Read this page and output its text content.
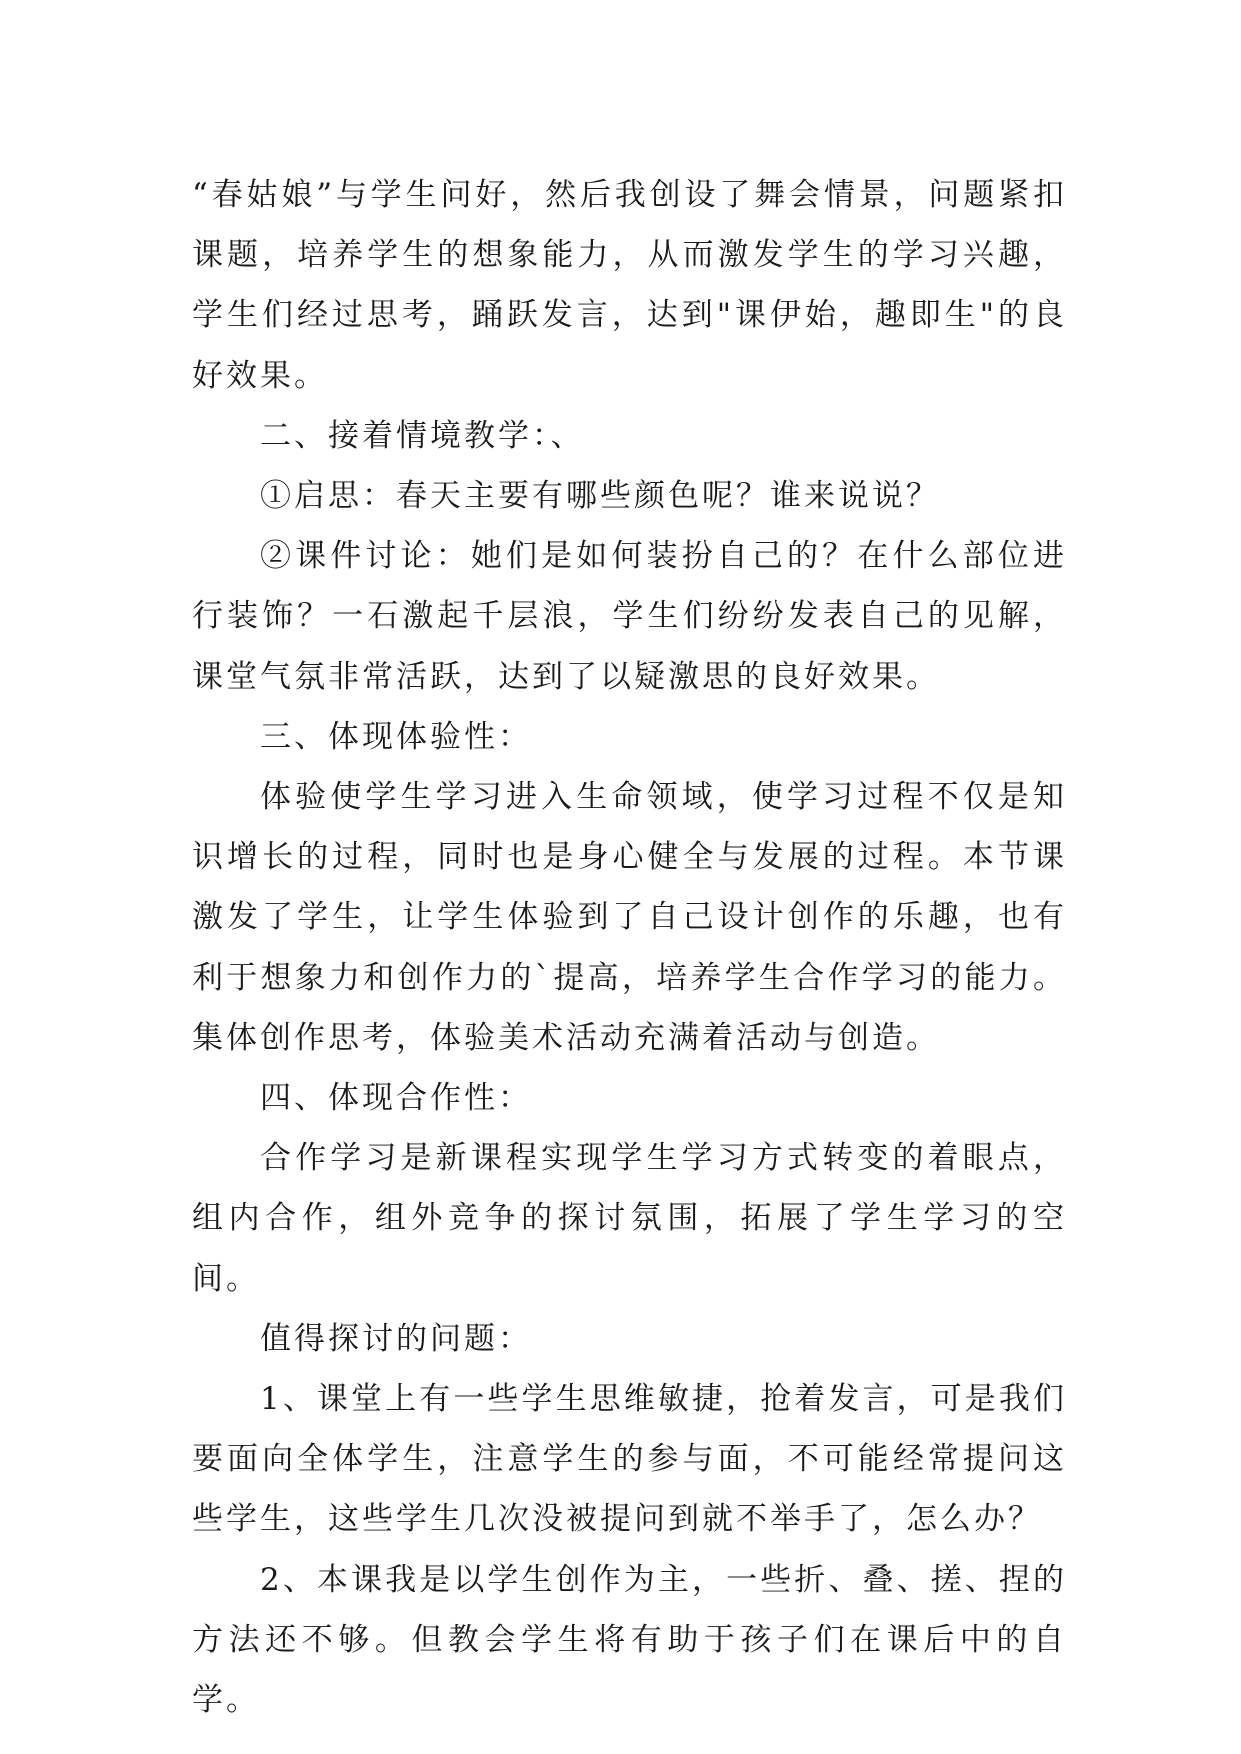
“春姑娘”与学生问好，然后我创设了舞会情景，问题紧扣课题，培养学生的想象能力，从而激发学生的学习兴趣，学生们经过思考，踊跃发言，达到"课伊始，趣即生"的良好效果。

二、接着情境教学：、

①启思：春天主要有哪些颜色呢？谁来说说？

②课件讨论：她们是如何装扮自己的？在什么部位进行装饰？一石激起千层浪，学生们纷纷发表自己的见解，课堂气氛非常活跃，达到了以疑激思的良好效果。

三、体现体验性：

体验使学生学习进入生命领域，使学习过程不仅是知识增长的过程，同时也是身心健全与发展的过程。本节课激发了学生，让学生体验到了自己设计创作的乐趣，也有利于想象力和创作力的`提高，培养学生合作学习的能力。集体创作思考，体验美术活动充满着活动与创造。

四、体现合作性：

合作学习是新课程实现学生学习方式转变的着眼点，组内合作，组外竞争的探讨氛围，拓展了学生学习的空间。

值得探讨的问题：

1、课堂上有一些学生思维敏捷，抢着发言，可是我们要面向全体学生，注意学生的参与面，不可能经常提问这些学生，这些学生几次没被提问到就不举手了，怎么办？

2、本课我是以学生创作为主，一些折、叠、搓、捏的方法还不够。但教会学生将有助于孩子们在课后中的自学。
